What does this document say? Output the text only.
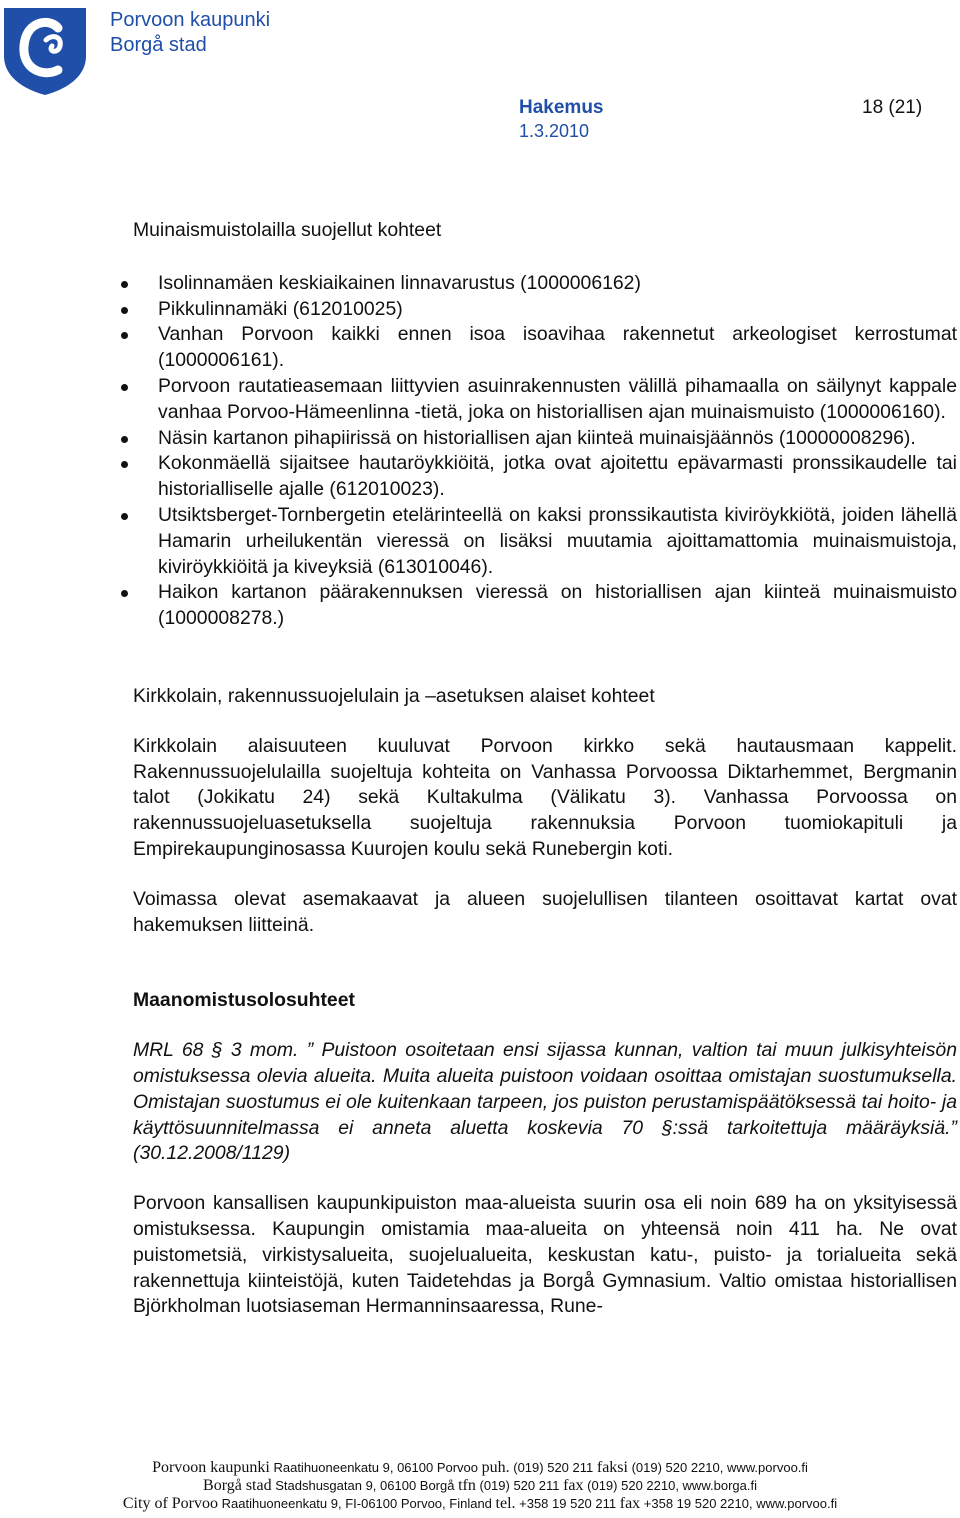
Porvoon kaupunki
Borgå stad
Hakemus
1.3.2010
18 (21)

Muinaismuistolailla suojellut kohteet

Isolinnamäen keskiaikainen linnavarustus (1000006162)
Pikkulinnamäki (612010025)
Vanhan Porvoon kaikki ennen isoa isoavihaa rakennetut arkeologiset kerrostumat (1000006161).
Porvoon rautatieasemaan liittyvien asuinrakennusten välillä pihamaalla on säilynyt kappale vanhaa Porvoo-Hämeenlinna -tietä, joka on historiallisen ajan muinaismuisto (1000006160).
Näsin kartanon pihapiirissä on historiallisen ajan kiinteä muinaisjäännös (10000008296).
Kokonmäellä sijaitsee hautaröykkiöitä, jotka ovat ajoitettu epävarmasti pronssikaudelle tai historialliselle ajalle (612010023).
Utsiktsberget-Tornbergetin etelärinteellä on kaksi pronssikautista kiviröykkiötä, joiden lähellä Hamarin urheilukentän vieressä on lisäksi muutamia ajoittamattomia muinaismuistoja, kiviröykkiöitä ja kiveyksiä (613010046).
Haikon kartanon päärakennuksen vieressä on historiallisen ajan kiinteä muinaismuisto (1000008278.)

Kirkkolain, rakennussuojelulain ja –asetuksen alaiset kohteet

Kirkkolain alaisuuteen kuuluvat Porvoon kirkko sekä hautausmaan kappelit. Rakennussuojelulailla suojeltuja kohteita on Vanhassa Porvoossa Diktarhemmet, Bergmanin talot (Jokikatu 24) sekä Kultakulma (Välikatu 3). Vanhassa Porvoossa on rakennussuojeluasetuksella suojeltuja rakennuksia Porvoon tuomiokapituli ja Empirekaupunginosassa Kuurojen koulu sekä Runebergin koti.

Voimassa olevat asemakaavat ja alueen suojelullisen tilanteen osoittavat kartat ovat hakemuksen liitteinä.

Maanomistusolosuhteet

MRL 68 § 3 mom. ” Puistoon osoitetaan ensi sijassa kunnan, valtion tai muun julkisyhteisön omistuksessa olevia alueita. Muita alueita puistoon voidaan osoittaa omistajan suostumuksella. Omistajan suostumus ei ole kuitenkaan tarpeen, jos puiston perustamispäätöksessä tai hoito- ja käyttösuunnitelmassa ei anneta aluetta koskevia 70 §:ssä tarkoitettuja määräyksiä.” (30.12.2008/1129)

Porvoon kansallisen kaupunkipuiston maa-alueista suurin osa eli noin 689 ha on yksityisessä omistuksessa. Kaupungin omistamia maa-alueita on yhteensä noin 411 ha. Ne ovat puistometsiä, virkistysalueita, suojelualueita, keskustan katu-, puisto- ja torialueita sekä rakennettuja kiinteistöjä, kuten Taidetehdas ja Borgå Gymnasium. Valtio omistaa historiallisen Björkholman luotsiaseman Hermanninsaaressa, Rune-

Porvoon kaupunki Raatihuoneenkatu 9, 06100 Porvoo puh. (019) 520 211 faksi (019) 520 2210, www.porvoo.fi
Borgå stad Stadshusgatan 9, 06100 Borgå tfn (019) 520 211 fax (019) 520 2210, www.borga.fi
City of Porvoo Raatihuoneenkatu 9, FI-06100 Porvoo, Finland tel. +358 19 520 211 fax +358 19 520 2210, www.porvoo.fi
